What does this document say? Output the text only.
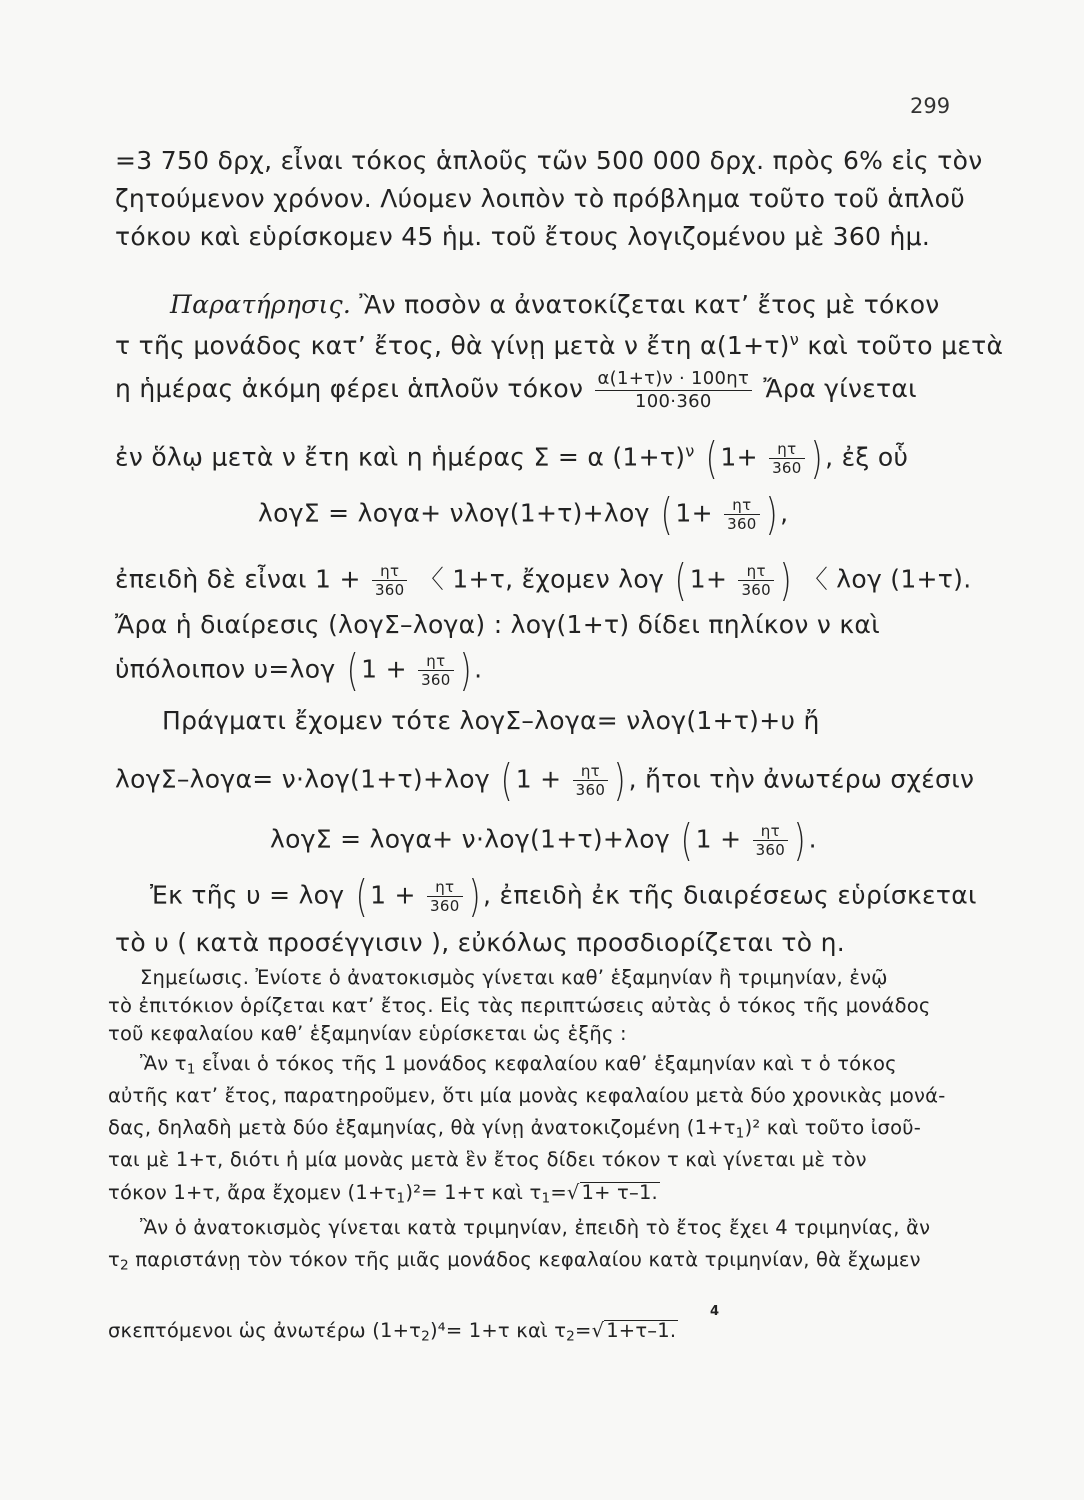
299
=3 750 δρχ, εἶναι τόκος ἁπλοῦς τῶν 500 000 δρχ. πρὸς 6% εἰς τὸν
ζητούμενον χρόνον. Λύομεν λοιπὸν τὸ πρόβλημα τοῦτο τοῦ ἁπλοῦ
τόκου καὶ εὑρίσκομεν 45 ἡμ. τοῦ ἔτους λογιζομένου μὲ 360 ἡμ.
Παρατήρησις. Ἂν ποσὸν α ἀνατοκίζεται κατ’ ἔτος μὲ τόκον
τ τῆς μονάδος κατ’ ἔτος, θὰ γίνῃ μετὰ ν ἔτη $\alpha(1+\tau)^\nu$ καὶ τοῦτο μετὰ
η ἡμέρας ἀκόμη φέρει ἁπλοῦν τόκον $\frac{\alpha(1+\tau)\nu \cdot 100\eta\tau}{100\cdot 360}$ Ἄρα γίνεται
ἐν ὅλῳ μετὰ ν ἔτη καὶ η ἡμέρας Σ = α $(1+\tau)^\nu$ ( $1+ \frac{\eta\tau}{360}$ ) , ἐξ οὗ
λογΣ = λογα+ νλογ(1+τ)+λογ ( $1+ \frac{\eta\tau}{360}$ ) ,
ἐπειδὴ δὲ εἶναι $1 + \frac{\eta\tau}{360}$ 〈 1+τ, ἔχομεν λογ ( $1+ \frac{\eta\tau}{360}$ ) 〈 λογ (1+τ).
Ἄρα ἡ διαίρεσις (λογΣ–λογα) : λογ(1+τ) δίδει πηλίκον ν καὶ
ὑπόλοιπον υ=λογ ( $1 + \frac{\eta\tau}{360}$ ) .
Πράγματι ἔχομεν τότε λογΣ–λογα= νλογ(1+τ)+υ ἤ
λογΣ–λογα= ν·λογ(1+τ)+λογ ( $1 + \frac{\eta\tau}{360}$ ) , ἤτοι τὴν ἀνωτέρω σχέσιν
λογΣ = λογα+ ν·λογ(1+τ)+λογ ( $1 + \frac{\eta\tau}{360}$ ) .
Ἐκ τῆς υ = λογ ( $1 + \frac{\eta\tau}{360}$ ) , ἐπειδὴ ἐκ τῆς διαιρέσεως εὑρίσκεται
τὸ υ ( κατὰ προσέγγισιν ), εὐκόλως προσδιορίζεται τὸ η.
Σημείωσις. Ἐνίοτε ὁ ἀνατοκισμὸς γίνεται καθ’ ἑξαμηνίαν ἢ τριμηνίαν, ἐνῷ
τὸ ἐπιτόκιον ὁρίζεται κατ’ ἔτος. Εἰς τὰς περιπτώσεις αὐτὰς ὁ τόκος τῆς μονάδος
τοῦ κεφαλαίου καθ’ ἑξαμηνίαν εὑρίσκεται ὡς ἑξῆς :
Ἂν $\tau_1$ εἶναι ὁ τόκος τῆς 1 μονάδος κεφαλαίου καθ’ ἑξαμηνίαν καὶ τ ὁ τόκος
αὐτῆς κατ’ ἔτος, παρατηροῦμεν, ὅτι μία μονὰς κεφαλαίου μετὰ δύο χρονικὰς μονά-
δας, δηλαδὴ μετὰ δύο ἑξαμηνίας, θὰ γίνῃ ἀνατοκιζομένη $(1+\tau_1)^2$ καὶ τοῦτο ἰσοῦ-
ται μὲ 1+τ, διότι ἡ μία μονὰς μετὰ ἓν ἔτος δίδει τόκον τ καὶ γίνεται μὲ τὸν
τόκον 1+τ, ἄρα ἔχομεν $(1+\tau_1)^2= 1+\tau$ καὶ $\tau_1=√$ 1+ τ–1.
Ἂν ὁ ἀνατοκισμὸς γίνεται κατὰ τριμηνίαν, ἐπειδὴ τὸ ἔτος ἔχει 4 τριμηνίας, ἂν
$\tau_2$ παριστάνῃ τὸν τόκον τῆς μιᾶς μονάδος κεφαλαίου κατὰ τριμηνίαν, θὰ ἔχωμεν
4
σκεπτόμενοι ὡς ἀνωτέρω $(1+\tau_2)^4= 1+\tau$ καὶ $\tau_2=√$ 1+τ–1.
